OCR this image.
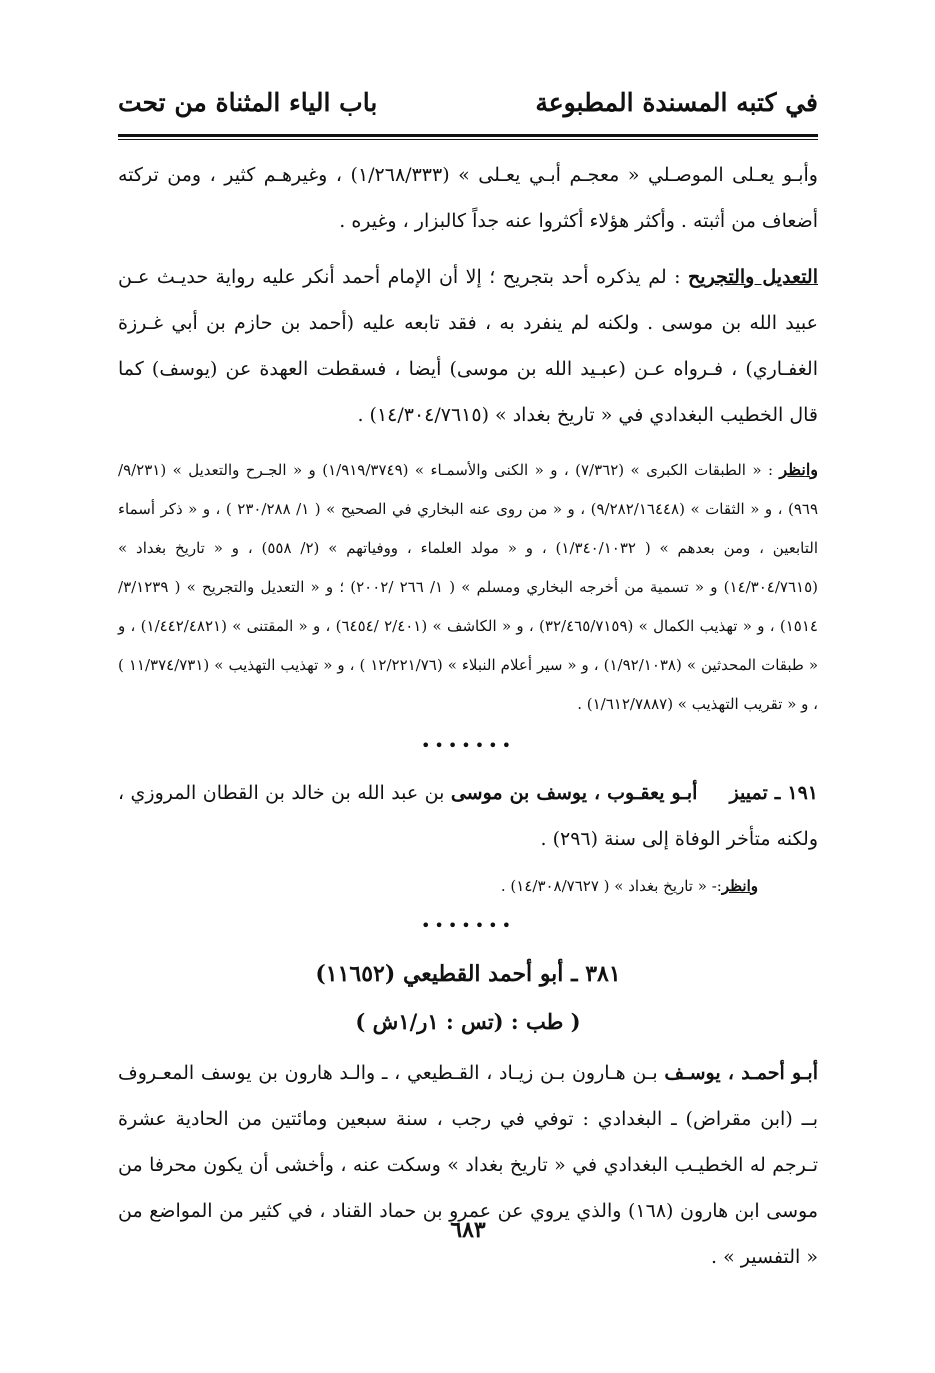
في كتبه المسندة المطبوعة
باب الياء المثناة من تحت

وأبـو يعـلى الموصـلي « معجـم أبـي يعـلى » (١/٢٦٨/٣٣٣) ، وغيرهـم كثير ، ومن تركته أضعاف من أثبته . وأكثر هؤلاء أكثروا عنه جداً كالبزار ، وغيره .

التعديل والتجريح : لم يذكره أحد بتجريح ؛ إلا أن الإمام أحمد أنكر عليه رواية حديـث عـن عبيد الله بن موسى . ولكنه لم ينفرد به ، فقد تابعه عليه (أحمد بن حازم بن أبي غـرزة الغفـاري) ، فـرواه عـن (عبـيد الله بن موسى) أيضا ، فسقطت العهدة عن (يوسف) كما قال الخطيب البغدادي في « تاريخ بغداد » (١٤/٣٠٤/٧٦١٥) .

وانظر : « الطبقات الكبرى » (٧/٣٦٢) ، و « الكنى والأسمـاء » (١/٩١٩/٣٧٤٩) و « الجـرح والتعديل » (٩/٢٣١/ ٩٦٩) ، و « الثقات » (٩/٢٨٢/١٦٤٤٨) ، و « من روى عنه البخاري في الصحيح » ( ١/ ٢٣٠/٢٨٨ ) ، و « ذكر أسماء التابعين ، ومن بعدهم » ( ١/٣٤٠/١٠٣٢) ، و « مولد العلماء ، ووفياتهم » (٢/ ٥٥٨) ، و « تاريخ بغداد » (١٤/٣٠٤/٧٦١٥) و « تسمية من أخرجه البخاري ومسلم » ( ١/ ٢٦٦ /٢٠٠٢) ؛ و « التعديل والتجريح » ( ٣/١٢٣٩/ ١٥١٤) ، و « تهذيب الكمال » (٣٢/٤٦٥/٧١٥٩) ، و « الكاشف » (٢/٤٠١ /٦٤٥٤) ، و « المقتنى » (١/٤٤٢/٤٨٢١) ، و « طبقات المحدثين » (١/٩٢/١٠٣٨) ، و « سير أعلام النبلاء » (١٢/٢٢١/٧٦ ) ، و « تهذيب التهذيب » (١١/٣٧٤/٧٣١ ) ، و « تقريب التهذيب » (١/٦١٢/٧٨٨٧) .

•••••••

١٩١ ـ تمييز     أبـو يعقـوب ، يوسف بن موسى بن عبد الله بن خالد بن القطان المروزي ، ولكنه متأخر الوفاة إلى سنة (٢٩٦) .

وانظر:- « تاريخ بغداد » ( ١٤/٣٠٨/٧٦٢٧) .

•••••••

٣٨١ ـ أبو أحمد القطيعي (١١٦٥٢)

( طب : (تس : ١ر/١ش )

أبـو أحمـد ، يوسـف بـن هـارون بـن زيـاد ، القـطيعي ، ـ والـد هارون بن يوسف المعـروف بــ (ابن مقراض) ـ البغدادي : توفي في رجب ، سنة سبعين ومائتين من الحادية عشرة تـرجم له الخطيـب البغدادي في « تاريخ بغداد » وسكت عنه ، وأخشى أن يكون محرفا من موسى ابن هارون (١٦٨) والذي يروي عن عمرو بن حماد القناد ، في كثير من المواضع من « التفسير » .

٦٨٣
